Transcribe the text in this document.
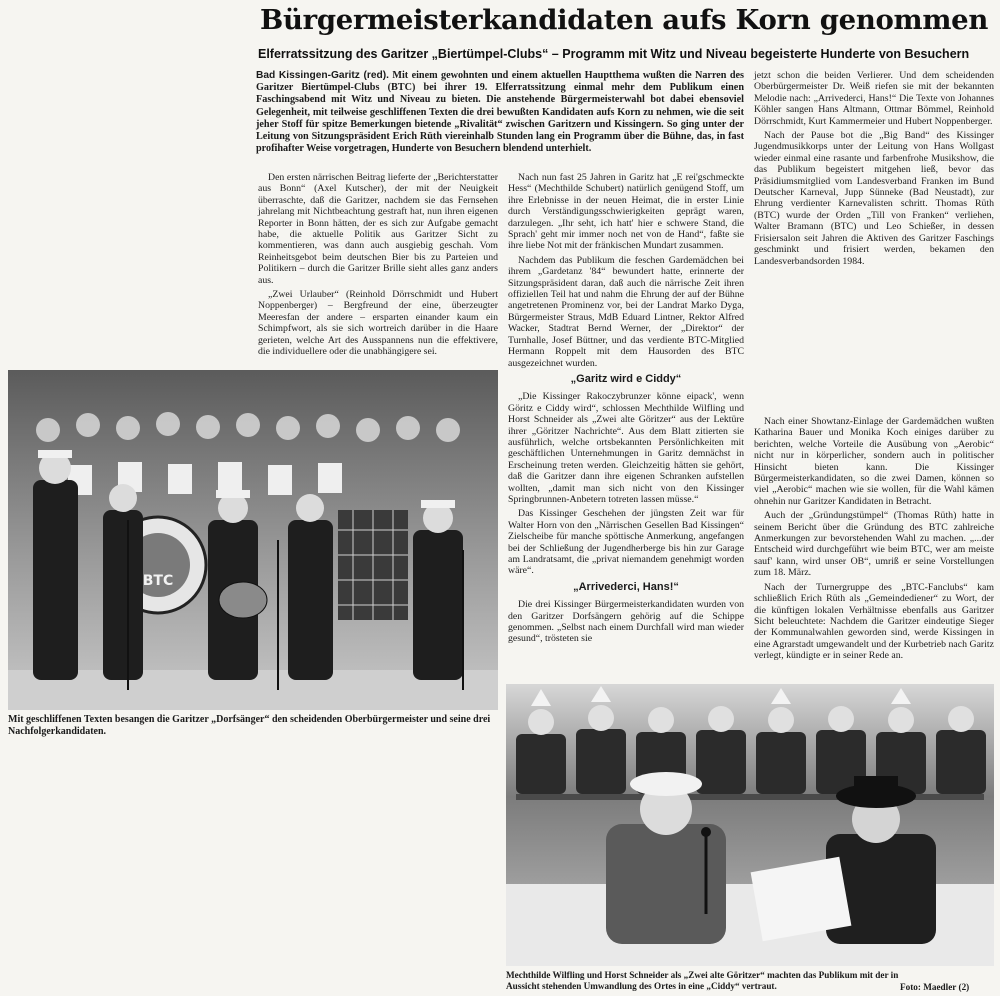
Bürgermeisterkandidaten aufs Korn genommen
Elferratssitzung des Garitzer „Biertümpel-Clubs“ – Programm mit Witz und Niveau begeisterte Hunderte von Besuchern
Bad Kissingen-Garitz (red). Mit einem gewohnten und einem aktuellen Hauptthema wußten die Narren des Garitzer Biertümpel-Clubs (BTC) bei ihrer 19. Elferratssitzung einmal mehr dem Publikum einen Faschingsabend mit Witz und Niveau zu bieten. Die anstehende Bürgermeisterwahl bot dabei ebensoviel Gelegenheit, mit teilweise geschliffenen Texten die drei bewußten Kandidaten aufs Korn zu nehmen, wie die seit jeher Stoff für spitze Bemerkungen bietende „Rivalität“ zwischen Garitzern und Kissingern. So ging unter der Leitung von Sitzungspräsident Erich Rüth viereinhalb Stunden lang ein Programm über die Bühne, das, in fast profihafter Weise vorgetragen, Hunderte von Besuchern blendend unterhielt.

Den ersten närrischen Beitrag lieferte der „Berichterstatter aus Bonn“ (Axel Kutscher), der mit der Neuigkeit überraschte, daß die Garitzer, nachdem sie das Fernsehen jahrelang mit Nichtbeachtung gestraft hat, nun ihren eigenen Reporter in Bonn hätten, der es sich zur Aufgabe gemacht habe, die aktuelle Politik aus Garitzer Sicht zu kommentieren, was dann auch ausgiebig geschah. Vom Reinheitsgebot beim deutschen Bier bis zu Parteien und Politikern – durch die Garitzer Brille sieht alles ganz anders aus.

„Zwei Urlauber“ (Reinhold Dörrschmidt und Hubert Noppenberger) – Bergfreund der eine, überzeugter Meeresfan der andere – ersparten einander kaum ein Schimpfwort, als sie sich wortreich darüber in die Haare gerieten, welche Art des Ausspannens nun die effektivere, die individuellere oder die unabhängigere sei.

Nach nun fast 25 Jahren in Garitz hat „E rei'gschmeckte Hess“ (Mechthilde Schubert) natürlich genügend Stoff, um ihre Erlebnisse in der neuen Heimat, die in erster Linie durch Verständigungsschwierigkeiten geprägt waren, darzulegen. „Ihr seht, ich hatt' hier e schwere Stand, die Sprach' geht mir immer noch net von de Hand“, faßte sie ihre liebe Not mit der fränkischen Mundart zusammen.

Nachdem das Publikum die feschen Gardemädchen bei ihrem „Gardetanz '84“ bewundert hatte, erinnerte der Sitzungspräsident daran, daß auch die närrische Zeit ihren offiziellen Teil hat und nahm die Ehrung der auf der Bühne angetretenen Prominenz vor, bei der Landrat Marko Dyga, Bürgermeister Straus, MdB Eduard Lintner, Rektor Alfred Wacker, Stadtrat Bernd Werner, der „Direktor“ der Turnhalle, Josef Büttner, und das verdiente BTC-Mitglied Hermann Roppelt mit dem Hausorden des BTC ausgezeichnet wurden.

„Garitz wird e Ciddy“

„Die Kissinger Rakoczybrunzer könne eipack', wenn Göritz e Ciddy wird“, schlossen Mechthilde Wilfling und Horst Schneider als „Zwei alte Göritzer“ aus der Lektüre ihrer „Göritzer Nachrichte“. Aus dem Blatt zitierten sie ausführlich, welche ortsbekannten Persönlichkeiten mit geschäftlichen Unternehmungen in Garitz demnächst in Erscheinung treten werden. Gleichzeitig hätten sie gehört, daß die Garitzer dann ihre eigenen Schranken aufstellen wollten, „damit man sich nicht von den Kissinger Springbrunnen-Anbetern totreten lassen müsse.“

Das Kissinger Geschehen der jüngsten Zeit war für Walter Horn von den „Närrischen Gesellen Bad Kissingen“ Zielscheibe für manche spöttische Anmerkung, angefangen bei der Schließung der Jugendherberge bis hin zur Garage am Landratsamt, die „privat niemandem genehmigt worden wäre“.

„Arrivederci, Hans!“

Die drei Kissinger Bürgermeisterkandidaten wurden von den Garitzer Dorfsängern gehörig auf die Schippe genommen. „Selbst nach einem Durchfall wird man wieder gesund“, trösteten sie

jetzt schon die beiden Verlierer. Und dem scheidenden Oberbürgermeister Dr. Weiß riefen sie mit der bekannten Melodie nach: „Arrivederci, Hans!“ Die Texte von Johannes Köhler sangen Hans Altmann, Ottmar Bömmel, Reinhold Dörrschmidt, Kurt Kammermeier und Hubert Noppenberger.

Nach der Pause bot die „Big Band“ des Kissinger Jugendmusikkorps unter der Leitung von Hans Wollgast wieder einmal eine rasante und farbenfrohe Musikshow, die das Publikum begeistert mitgehen ließ, bevor das Präsidiumsmitglied vom Landesverband Franken im Bund Deutscher Karneval, Jupp Sünneke (Bad Neustadt), zur Ehrung verdienter Karnevalisten schritt. Thomas Rüth (BTC) wurde der Orden „Till von Franken“ verliehen, Walter Bramann (BTC) und Leo Schießer, in dessen Frisiersalon seit Jahren die Aktiven des Garitzer Faschings geschminkt und frisiert werden, bekamen den Landesverbandsorden 1984.

Nach einer Showtanz-Einlage der Gardemädchen wußten Katharina Bauer und Monika Koch einiges darüber zu berichten, welche Vorteile die Ausübung von „Aerobic“ nicht nur in körperlicher, sondern auch in politischer Hinsicht bieten kann. Die Kissinger Bürgermeisterkandidaten, so die zwei Damen, können so viel „Aerobic“ machen wie sie wollen, für die Wahl kämen ohnehin nur Garitzer Kandidaten in Betracht.

Auch der „Gründungstümpel“ (Thomas Rüth) hatte in seinem Bericht über die Gründung des BTC zahlreiche Anmerkungen zur bevorstehenden Wahl zu machen. „...der Entscheid wird durchgeführt wie beim BTC, wer am meiste sauf' kann, wird unser OB“, umriß er seine Vorstellungen zum 18. März.

Nach der Turnergruppe des „BTC-Fanclubs“ kam schließlich Erich Rüth als „Gemeindediener“ zu Wort, der die künftigen lokalen Verhältnisse ebenfalls aus Garitzer Sicht beleuchtete: Nachdem die Garitzer eindeutige Sieger der Kommunalwahlen geworden sind, werde Kissingen in eine Agrarstadt umgewandelt und der Kurbetrieb nach Garitz verlegt, kündigte er in seiner Rede an.

BTC
Mit geschliffenen Texten besangen die Garitzer „Dorfsänger“ den scheidenden Oberbürgermeister und seine drei Nachfolgerkandidaten.
Mechthilde Wilfling und Horst Schneider als „Zwei alte Göritzer“ machten das Publikum mit der in Aussicht stehenden Umwandlung des Ortes in eine „Ciddy“ vertraut.	Foto: Maedler (2)
